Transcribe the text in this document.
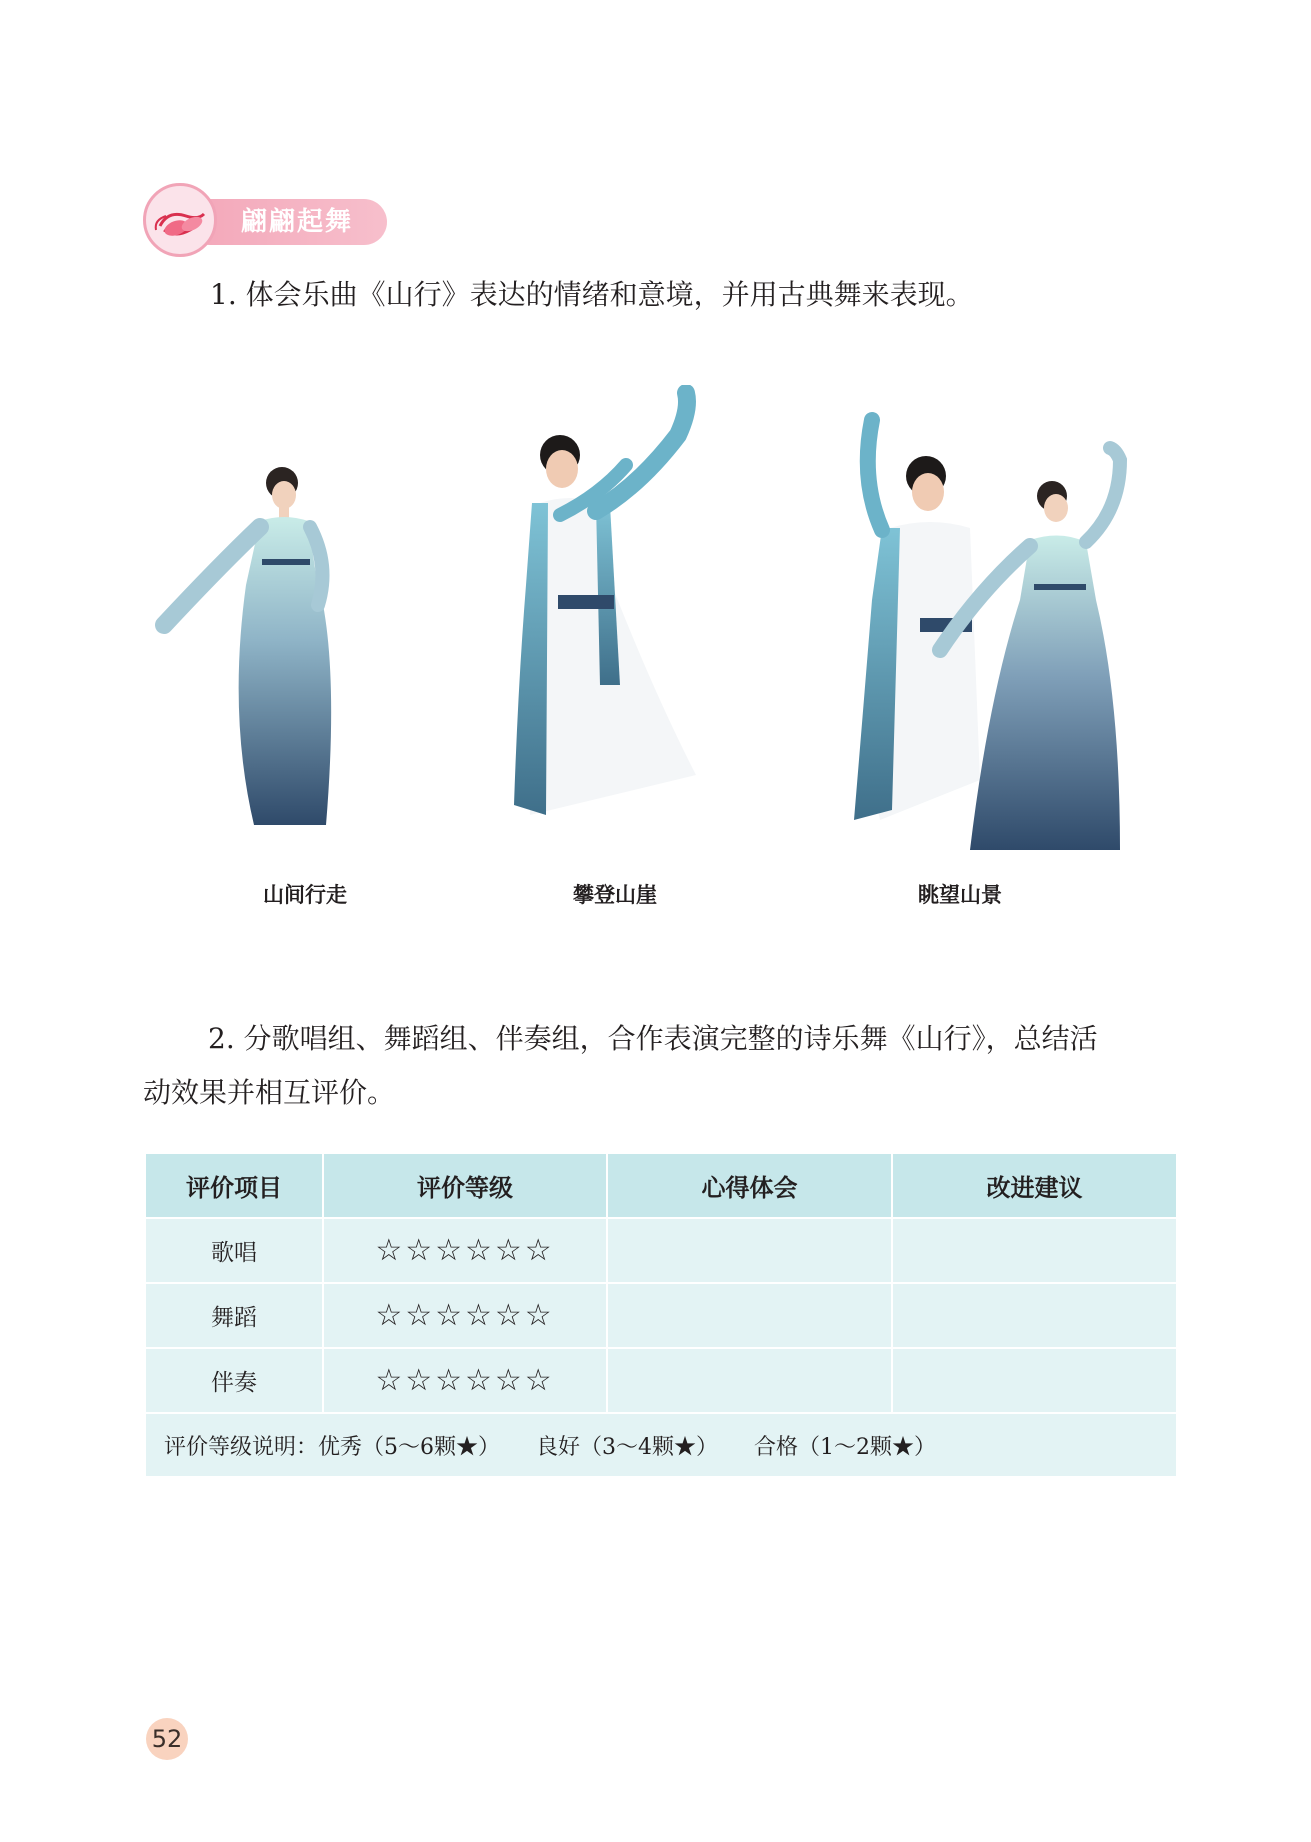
翩翩起舞
1. 体会乐曲《山行》表达的情绪和意境，并用古典舞来表现。
山间行走	攀登山崖	眺望山景
2. 分歌唱组、舞蹈组、伴奏组，合作表演完整的诗乐舞《山行》，总结活
动效果并相互评价。
评价项目	评价等级	心得体会	改进建议
歌唱	☆☆☆☆☆☆		
舞蹈	☆☆☆☆☆☆		
伴奏	☆☆☆☆☆☆		
评价等级说明：优秀（5～6颗★） 良好（3～4颗★） 合格（1～2颗★）			
52
